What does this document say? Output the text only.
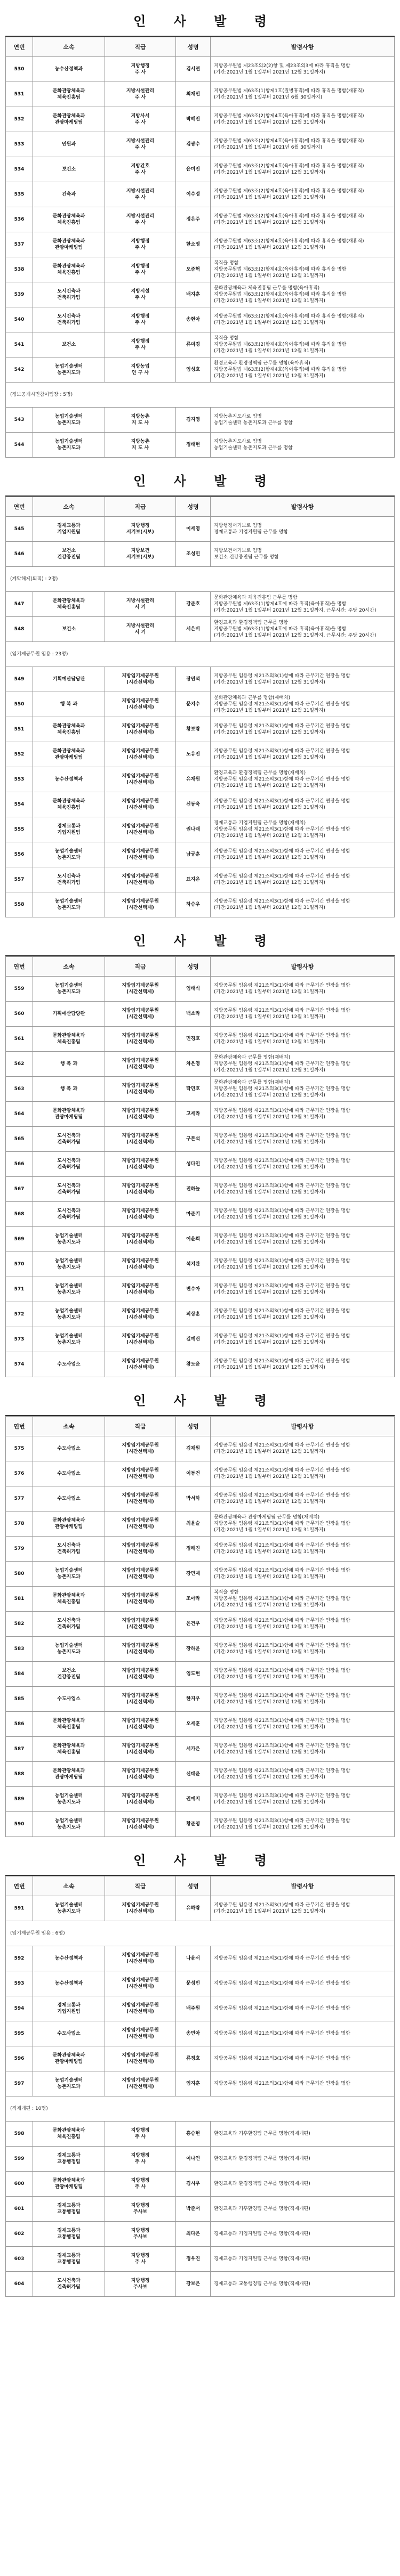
인 사 발 령
연번	소속	직급	성명	발령사항
530	농수산정책과	지방행정
주 사	김서연	지방공무원법 제23조의2(2)항 및 제23조의3에 따라 휴직을 명함
(기간:2021년 1월 1일부터 2021년 12월 31일까지)
531	문화관광체육과
체육진흥팀	지방시설관리
주 사	최재민	지방공무원법 제63조(1)항제1호(질병휴직)에 따라 휴직을 명함(재휴직)
(기간:2021년 1월 1일부터 2021년 6월 30일까지)
532	문화관광체육과
관광마케팅팀	지방사서
주 사	박혜진	지방공무원법 제63조(2)항제4호(육아휴직)에 따라 휴직을 명함(재휴직)
(기간:2021년 1월 1일부터 2021년 12월 31일까지)
533	민원과	지방시설관리
주 사	김광수	지방공무원법 제63조(2)항제4호(육아휴직)에 따라 휴직을 명함(재휴직)
(기간:2021년 1월 1일부터 2021년 6월 30일까지)
534	보건소	지방간호
주 사	윤미진	지방공무원법 제63조(2)항제4호(육아휴직)에 따라 휴직을 명함(재휴직)
(기간:2021년 1월 1일부터 2021년 12월 31일까지)
535	건축과	지방시설관리
주 사	이수정	지방공무원법 제63조(2)항제4호(육아휴직)에 따라 휴직을 명함(재휴직)
(기간:2021년 1월 1일부터 2021년 12월 31일까지)
536	문화관광체육과
체육진흥팀	지방시설관리
주 사	정은주	지방공무원법 제63조(2)항제4호(육아휴직)에 따라 휴직을 명함(재휴직)
(기간:2021년 1월 1일부터 2021년 12월 31일까지)
537	문화관광체육과
관광마케팅팀	지방행정
주 사	한소영	지방공무원법 제63조(2)항제4호(육아휴직)에 따라 휴직을 명함(재휴직)
(기간:2021년 1월 1일부터 2021년 12월 31일까지)
538	문화관광체육과
체육진흥팀	지방행정
주 사	오준혁	복직을 명함
지방공무원법 제63조(2)항제4호(육아휴직)에 따라 휴직을 명함
(기간:2021년 1월 1일부터 2021년 12월 31일까지)
539	도시건축과
건축허가팀	지방시설
주 사	배지훈	문화관광체육과 체육진흥팀 근무를 명함(육아휴직)
지방공무원법 제63조(2)항제4호(육아휴직)에 따라 휴직을 명함
(기간:2021년 1월 1일부터 2021년 12월 31일까지)
540	도시건축과
건축허가팀	지방행정
주 사	송현아	지방공무원법 제63조(2)항제4호(육아휴직)에 따라 휴직을 명함(재휴직)
(기간:2021년 1월 1일부터 2021년 12월 31일까지)
541	보건소	지방행정
주 사	류미경	복직을 명함
지방공무원법 제63조(2)항제4호(육아휴직)에 따라 휴직을 명함
(기간:2021년 1월 1일부터 2021년 12월 31일까지)
542	농업기술센터
농촌지도과	지방농업
연 구 사	임성호	환경교육과 환경정책팀 근무를 명함(육아휴직)
지방공무원법 제63조(2)항제4호(육아휴직)에 따라 휴직을 명함
(기간:2021년 1월 1일부터 2021년 12월 31일까지)
(정보공개시민참여팀장 : 5명)				
543	농업기술센터
농촌지도과	지방농촌
지 도 사	김지영	지방농촌지도사로 임명
농업기술센터 농촌지도과 근무를 명함
544	농업기술센터
농촌지도과	지방농촌
지 도 사	정태현	지방농촌지도사로 임명
농업기술센터 농촌지도과 근무를 명함
인 사 발 령
연번	소속	직급	성명	발령사항
545	경제교통과
기업지원팀	지방행정
서기보(시보)	이세영	지방행정서기보로 임명
경제교통과 기업지원팀 근무를 명함
546	보건소
건강증진팀	지방보건
서기보(시보)	조성민	지방보건서기보로 임명
보건소 건강증진팀 근무를 명함
(계약해제(퇴직) : 2명)				
547	문화관광체육과
체육진흥팀	지방시설관리
서 기	강준호	문화관광체육과 체육진흥팀 근무를 명함
지방공무원법 제63조(1)항제4호에 따라 휴직(육아휴직)을 명함
(기간:2021년 1월 1일부터 2021년 12월 31일까지, 근무시간: 주당 20시간)
548	보건소	지방시설관리
서 기	서은비	환경교육과 환경정책팀 근무를 명함
지방공무원법 제63조(1)항제4호에 따라 휴직(육아휴직)을 명함
(기간:2021년 1월 1일부터 2021년 12월 31일까지, 근무시간: 주당 20시간)
(임기제공무원 임용 : 23명)				
549	기획예산담당관	지방임기제공무원
(시간선택제)	장민석	지방공무원 임용령 제21조의3(1)항에 따라 근무기간 연장을 명함
(기간:2021년 1월 1일부터 2021년 12월 31일까지)
550	행 복 과	지방임기제공무원
(시간선택제)	문지수	문화관광체육과 근무를 명함(재배치)
지방공무원 임용령 제21조의3(1)항에 따라 근무기간 연장을 명함
(기간:2021년 1월 1일부터 2021년 12월 31일까지)
551	문화관광체육과
체육진흥팀	지방임기제공무원
(시간선택제)	황보람	지방공무원 임용령 제21조의3(1)항에 따라 근무기간 연장을 명함
(기간:2021년 1월 1일부터 2021년 12월 31일까지)
552	문화관광체육과
관광마케팅팀	지방임기제공무원
(시간선택제)	노유진	지방공무원 임용령 제21조의3(1)항에 따라 근무기간 연장을 명함
(기간:2021년 1월 1일부터 2021년 12월 31일까지)
553	농수산정책과	지방임기제공무원
(시간선택제)	유재원	환경교육과 환경정책팀 근무를 명함(재배치)
지방공무원 임용령 제21조의3(1)항에 따라 근무기간 연장을 명함
(기간:2021년 1월 1일부터 2021년 12월 31일까지)
554	문화관광체육과
체육진흥팀	지방임기제공무원
(시간선택제)	신동욱	지방공무원 임용령 제21조의3(1)항에 따라 근무기간 연장을 명함
(기간:2021년 1월 1일부터 2021년 12월 31일까지)
555	경제교통과
기업지원팀	지방임기제공무원
(시간선택제)	권나래	경제교통과 기업지원팀 근무를 명함(재배치)
지방공무원 임용령 제21조의3(1)항에 따라 근무기간 연장을 명함
(기간:2021년 1월 1일부터 2021년 12월 31일까지)
556	농업기술센터
농촌지도과	지방임기제공무원
(시간선택제)	남궁훈	지방공무원 임용령 제21조의3(1)항에 따라 근무기간 연장을 명함
(기간:2021년 1월 1일부터 2021년 12월 31일까지)
557	도시건축과
건축허가팀	지방임기제공무원
(시간선택제)	표지은	지방공무원 임용령 제21조의3(1)항에 따라 근무기간 연장을 명함
(기간:2021년 1월 1일부터 2021년 12월 31일까지)
558	농업기술센터
농촌지도과	지방임기제공무원
(시간선택제)	하승우	지방공무원 임용령 제21조의3(1)항에 따라 근무기간 연장을 명함
(기간:2021년 1월 1일부터 2021년 12월 31일까지)
인 사 발 령
연번	소속	직급	성명	발령사항
559	농업기술센터
농촌지도과	지방임기제공무원
(시간선택제)	엄태식	지방공무원 임용령 제21조의3(1)항에 따라 근무기간 연장을 명함
(기간:2021년 1월 1일부터 2021년 12월 31일까지)
560	기획예산담당관	지방임기제공무원
(시간선택제)	백소라	지방공무원 임용령 제21조의3(1)항에 따라 근무기간 연장을 명함
(기간:2021년 1월 1일부터 2021년 12월 31일까지)
561	문화관광체육과
체육진흥팀	지방임기제공무원
(시간선택제)	민경호	지방공무원 임용령 제21조의3(1)항에 따라 근무기간 연장을 명함
(기간:2021년 1월 1일부터 2021년 12월 31일까지)
562	행 복 과	지방임기제공무원
(시간선택제)	차은영	문화관광체육과 근무를 명함(재배치)
지방공무원 임용령 제21조의3(1)항에 따라 근무기간 연장을 명함
(기간:2021년 1월 1일부터 2021년 12월 31일까지)
563	행 복 과	지방임기제공무원
(시간선택제)	탁민호	문화관광체육과 근무를 명함(재배치)
지방공무원 임용령 제21조의3(1)항에 따라 근무기간 연장을 명함
(기간:2021년 1월 1일부터 2021년 12월 31일까지)
564	문화관광체육과
관광마케팅팀	지방임기제공무원
(시간선택제)	고세라	지방공무원 임용령 제21조의3(1)항에 따라 근무기간 연장을 명함
(기간:2021년 1월 1일부터 2021년 12월 31일까지)
565	도시건축과
건축허가팀	지방임기제공무원
(시간선택제)	구본석	지방공무원 임용령 제21조의3(1)항에 따라 근무기간 연장을 명함
(기간:2021년 1월 1일부터 2021년 12월 31일까지)
566	도시건축과
건축허가팀	지방임기제공무원
(시간선택제)	성다인	지방공무원 임용령 제21조의3(1)항에 따라 근무기간 연장을 명함
(기간:2021년 1월 1일부터 2021년 12월 31일까지)
567	도시건축과
건축허가팀	지방임기제공무원
(시간선택제)	진하늘	지방공무원 임용령 제21조의3(1)항에 따라 근무기간 연장을 명함
(기간:2021년 1월 1일부터 2021년 12월 31일까지)
568	도시건축과
건축허가팀	지방임기제공무원
(시간선택제)	마준기	지방공무원 임용령 제21조의3(1)항에 따라 근무기간 연장을 명함
(기간:2021년 1월 1일부터 2021년 12월 31일까지)
569	농업기술센터
농촌지도과	지방임기제공무원
(시간선택제)	어윤희	지방공무원 임용령 제21조의3(1)항에 따라 근무기간 연장을 명함
(기간:2021년 1월 1일부터 2021년 12월 31일까지)
570	농업기술센터
농촌지도과	지방임기제공무원
(시간선택제)	석지완	지방공무원 임용령 제21조의3(1)항에 따라 근무기간 연장을 명함
(기간:2021년 1월 1일부터 2021년 12월 31일까지)
571	농업기술센터
농촌지도과	지방임기제공무원
(시간선택제)	변수아	지방공무원 임용령 제21조의3(1)항에 따라 근무기간 연장을 명함
(기간:2021년 1월 1일부터 2021년 12월 31일까지)
572	농업기술센터
농촌지도과	지방임기제공무원
(시간선택제)	피상훈	지방공무원 임용령 제21조의3(1)항에 따라 근무기간 연장을 명함
(기간:2021년 1월 1일부터 2021년 12월 31일까지)
573	농업기술센터
농촌지도과	지방임기제공무원
(시간선택제)	길예린	지방공무원 임용령 제21조의3(1)항에 따라 근무기간 연장을 명함
(기간:2021년 1월 1일부터 2021년 12월 31일까지)
574	수도사업소	지방임기제공무원
(시간선택제)	왕도윤	지방공무원 임용령 제21조의3(1)항에 따라 근무기간 연장을 명함
(기간:2021년 1월 1일부터 2021년 12월 31일까지)
인 사 발 령
연번	소속	직급	성명	발령사항
575	수도사업소	지방임기제공무원
(시간선택제)	김채원	지방공무원 임용령 제21조의3(1)항에 따라 근무기간 연장을 명함
(기간:2021년 1월 1일부터 2021년 12월 31일까지)
576	수도사업소	지방임기제공무원
(시간선택제)	이동건	지방공무원 임용령 제21조의3(1)항에 따라 근무기간 연장을 명함
(기간:2021년 1월 1일부터 2021년 12월 31일까지)
577	수도사업소	지방임기제공무원
(시간선택제)	박서하	지방공무원 임용령 제21조의3(1)항에 따라 근무기간 연장을 명함
(기간:2021년 1월 1일부터 2021년 12월 31일까지)
578	문화관광체육과
관광마케팅팀	지방임기제공무원
(시간선택제)	최윤슬	문화관광체육과 관광마케팅팀 근무를 명함(재배치)
지방공무원 임용령 제21조의3(1)항에 따라 근무기간 연장을 명함
(기간:2021년 1월 1일부터 2021년 12월 31일까지)
579	도시건축과
건축허가팀	지방임기제공무원
(시간선택제)	정해진	지방공무원 임용령 제21조의3(1)항에 따라 근무기간 연장을 명함
(기간:2021년 1월 1일부터 2021년 12월 31일까지)
580	농업기술센터
농촌지도과	지방임기제공무원
(시간선택제)	강민재	지방공무원 임용령 제21조의3(1)항에 따라 근무기간 연장을 명함
(기간:2021년 1월 1일부터 2021년 12월 31일까지)
581	문화관광체육과
체육진흥팀	지방임기제공무원
(시간선택제)	조아라	복직을 명함
지방공무원 임용령 제21조의3(1)항에 따라 근무기간 연장을 명함
(기간:2021년 1월 1일부터 2021년 12월 31일까지)
582	도시건축과
건축허가팀	지방임기제공무원
(시간선택제)	윤건우	지방공무원 임용령 제21조의3(1)항에 따라 근무기간 연장을 명함
(기간:2021년 1월 1일부터 2021년 12월 31일까지)
583	농업기술센터
농촌지도과	지방임기제공무원
(시간선택제)	장하윤	지방공무원 임용령 제21조의3(1)항에 따라 근무기간 연장을 명함
(기간:2021년 1월 1일부터 2021년 12월 31일까지)
584	보건소
건강증진팀	지방임기제공무원
(시간선택제)	임도현	지방공무원 임용령 제21조의3(1)항에 따라 근무기간 연장을 명함
(기간:2021년 1월 1일부터 2021년 12월 31일까지)
585	수도사업소	지방임기제공무원
(시간선택제)	한지우	지방공무원 임용령 제21조의3(1)항에 따라 근무기간 연장을 명함
(기간:2021년 1월 1일부터 2021년 12월 31일까지)
586	문화관광체육과
체육진흥팀	지방임기제공무원
(시간선택제)	오세훈	지방공무원 임용령 제21조의3(1)항에 따라 근무기간 연장을 명함
(기간:2021년 1월 1일부터 2021년 12월 31일까지)
587	문화관광체육과
체육진흥팀	지방임기제공무원
(시간선택제)	서가은	지방공무원 임용령 제21조의3(1)항에 따라 근무기간 연장을 명함
(기간:2021년 1월 1일부터 2021년 12월 31일까지)
588	문화관광체육과
관광마케팅팀	지방임기제공무원
(시간선택제)	신태윤	지방공무원 임용령 제21조의3(1)항에 따라 근무기간 연장을 명함
(기간:2021년 1월 1일부터 2021년 12월 31일까지)
589	농업기술센터
농촌지도과	지방임기제공무원
(시간선택제)	권예지	지방공무원 임용령 제21조의3(1)항에 따라 근무기간 연장을 명함
(기간:2021년 1월 1일부터 2021년 12월 31일까지)
590	농업기술센터
농촌지도과	지방임기제공무원
(시간선택제)	황준영	지방공무원 임용령 제21조의3(1)항에 따라 근무기간 연장을 명함
(기간:2021년 1월 1일부터 2021년 12월 31일까지)
인 사 발 령
연번	소속	직급	성명	발령사항
591	농업기술센터
농촌지도과	지방임기제공무원
(시간선택제)	유하람	지방공무원 임용령 제21조의3(1)항에 따라 근무기간 연장을 명함
(기간:2021년 1월 1일부터 2021년 12월 31일까지)
(임기제공무원 임용 : 6명)				
592	농수산정책과	지방임기제공무원
(시간선택제)	나윤서	지방공무원 임용령 제21조의3(1)항에 따라 근무기간 연장을 명함
593	농수산정책과	지방임기제공무원
(시간선택제)	문성빈	지방공무원 임용령 제21조의3(1)항에 따라 근무기간 연장을 명함
594	경제교통과
기업지원팀	지방임기제공무원
(시간선택제)	배주원	지방공무원 임용령 제21조의3(1)항에 따라 근무기간 연장을 명함
595	수도사업소	지방임기제공무원
(시간선택제)	송민아	지방공무원 임용령 제21조의3(1)항에 따라 근무기간 연장을 명함
596	문화관광체육과
관광마케팅팀	지방임기제공무원
(시간선택제)	류정호	지방공무원 임용령 제21조의3(1)항에 따라 근무기간 연장을 명함
597	농업기술센터
농촌지도과	지방임기제공무원
(시간선택제)	엄지훈	지방공무원 임용령 제21조의3(1)항에 따라 근무기간 연장을 명함
(직제개편 : 10명)				
598	문화관광체육과
체육진흥팀	지방행정
주 사	홍승현	환경교육과 기후환경팀 근무를 명함(직제개편)
599	경제교통과
교통행정팀	지방행정
주 사	이나연	환경교육과 환경정책팀 근무를 명함(직제개편)
600	문화관광체육과
관광마케팅팀	지방행정
주 사	김시우	환경교육과 환경정책팀 근무를 명함(직제개편)
601	경제교통과
교통행정팀	지방행정
주사보	박준서	환경교육과 기후환경팀 근무를 명함(직제개편)
602	경제교통과
교통행정팀	지방행정
주사보	최다은	경제교통과 기업지원팀 근무를 명함(직제개편)
603	경제교통과
교통행정팀	지방행정
주 사	정우진	경제교통과 기업지원팀 근무를 명함(직제개편)
604	도시건축과
건축허가팀	지방행정
주사보	강보은	경제교통과 교통행정팀 근무를 명함(직제개편)
